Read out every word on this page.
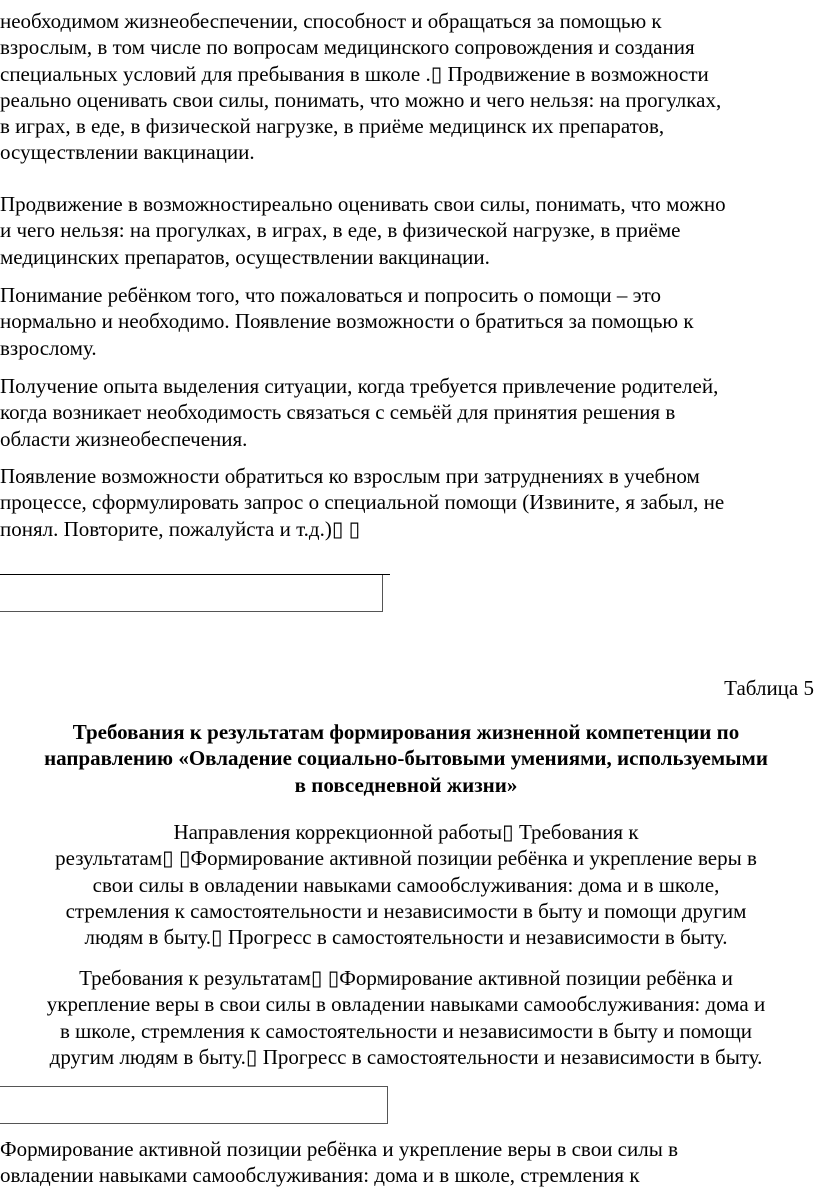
необходимом жизнеобеспечении, способност и обращаться за помощью к
взрослым, в том числе по вопросам медицинского сопровождения и создания
специальных условий для пребывания в школе .▯ Продвижение в возможности
реально оценивать свои силы, понимать, что можно и чего нельзя: на прогулках,
в играх, в еде, в физической нагрузке, в приёме медицинск их препаратов,
осуществлении вакцинации.
Продвижение в возможностиреально оценивать свои силы, понимать, что можно
и чего нельзя: на прогулках, в играх, в еде, в физической нагрузке, в приёме
медицинских препаратов, осуществлении вакцинации.
Понимание ребёнком того, что пожаловаться и попросить о помощи – это
нормально и необходимо. Появление возможности о братиться за помощью к
взрослому.
Получение опыта выделения ситуации, когда требуется привлечение родителей,
когда возникает необходимость связаться с семьёй для принятия решения в
области жизнеобеспечения.
Появление возможности обратиться ко взрослым при затруднениях в учебном
процессе, сформулировать запрос о специальной помощи (Извините, я забыл, не
понял. Повторите, пожалуйста и т.д.)▯ ▯
Таблица 5
Требования к результатам формирования жизненной компетенции по
направлению «Овладение социально-бытовыми умениями, используемыми
в повседневной жизни»
Направления коррекционной работы▯ Требования к
результатам▯ ▯Формирование активной позиции ребёнка и укрепление веры в
свои силы в овладении навыками самообслуживания: дома и в школе,
стремления к самостоятельности и независимости в быту и помощи другим
людям в быту.▯ Прогресс в самостоятельности и независимости в быту.
Требования к результатам▯ ▯Формирование активной позиции ребёнка и
укрепление веры в свои силы в овладении навыками самообслуживания: дома и
в школе, стремления к самостоятельности и независимости в быту и помощи
другим людям в быту.▯ Прогресс в самостоятельности и независимости в быту.
Формирование активной позиции ребёнка и укрепление веры в свои силы в
овладении навыками самообслуживания: дома и в школе, стремления к
